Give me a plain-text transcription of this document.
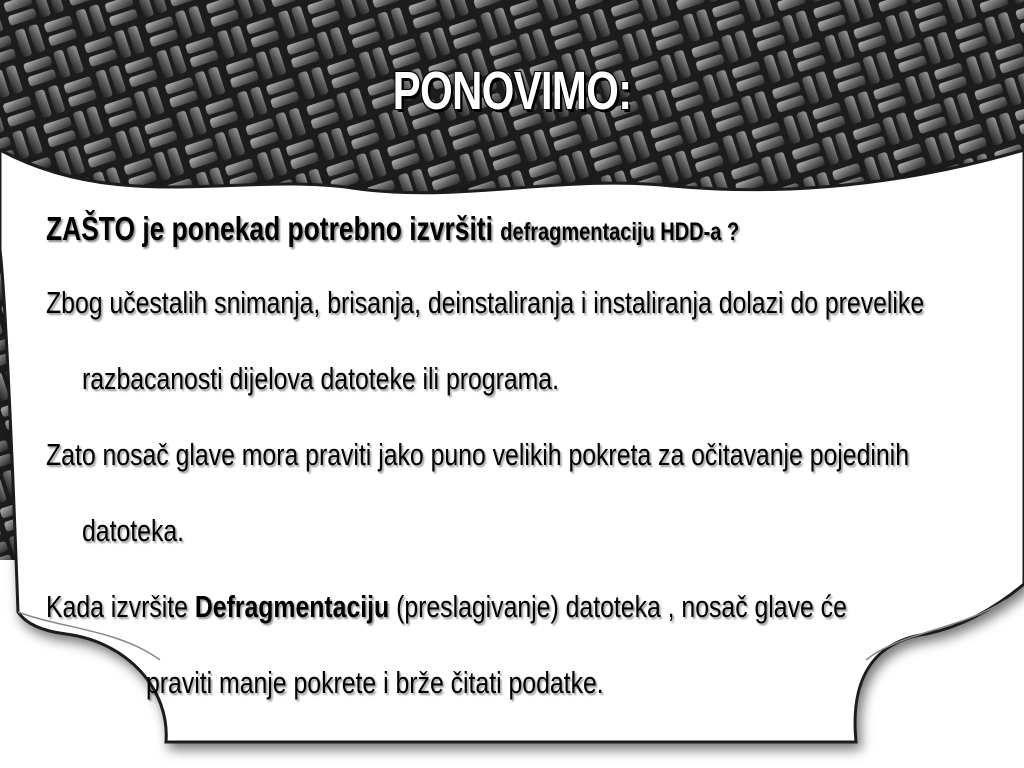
PONOVIMO:

ZAŠTO je ponekad potrebno izvršiti defragmentaciju HDD-a ?

Zbog učestalih snimanja, brisanja, deinstaliranja i instaliranja dolazi do prevelike razbacanosti dijelova datoteke ili programa.

Zato nosač glave mora praviti jako puno velikih pokreta za očitavanje pojedinih datoteka.

Kada izvršite Defragmentaciju (preslagivanje) datoteka , nosač glave će
praviti manje pokrete i brže čitati podatke.
